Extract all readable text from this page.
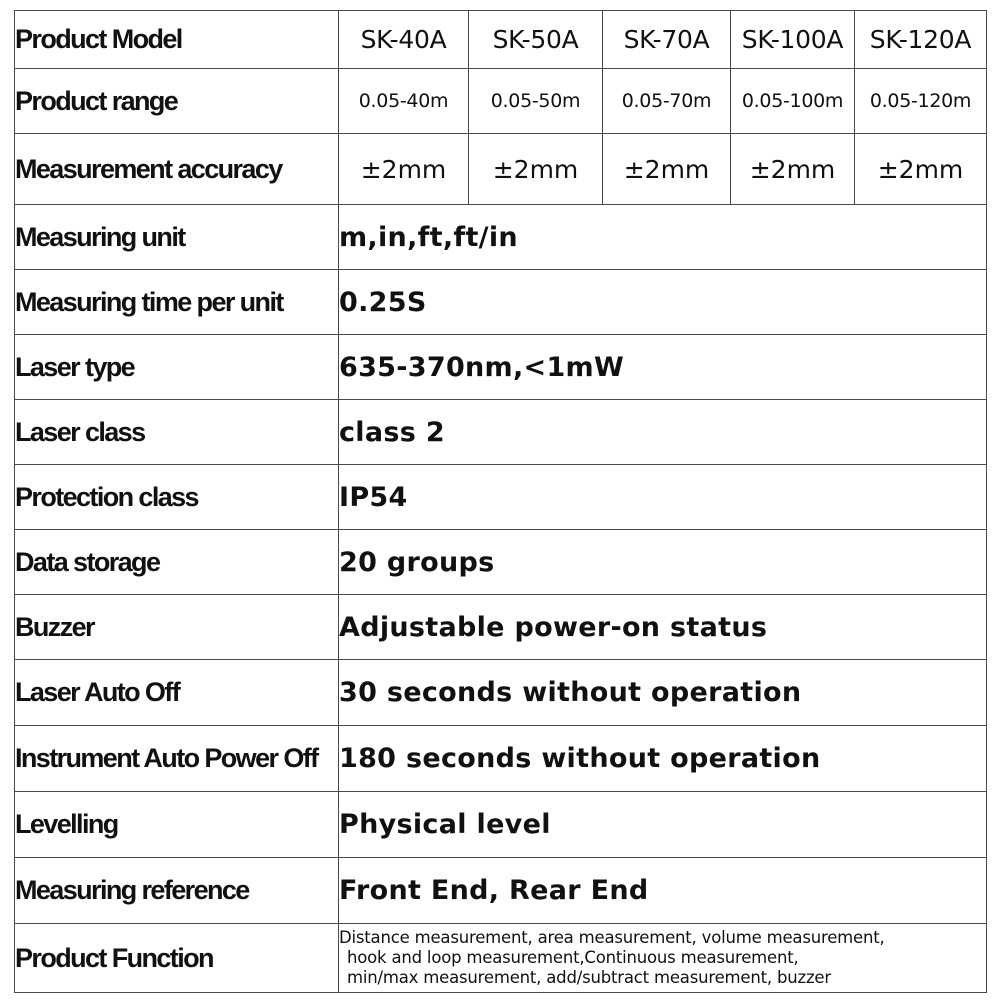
Product Model	SK-40A	SK-50A	SK-70A	SK-100A	SK-120A
Product range	0.05-40m	0.05-50m	0.05-70m	0.05-100m	0.05-120m
Measurement accuracy	±2mm	±2mm	±2mm	±2mm	±2mm
Measuring unit	m,in,ft,ft/in				
Measuring time per unit	0.25S				
Laser type	635-370nm,<1mW				
Laser class	class 2				
Protection class	IP54				
Data storage	20 groups				
Buzzer	Adjustable power-on status				
Laser Auto Off	30 seconds without operation				
Instrument Auto Power Off	180 seconds without operation				
Levelling	Physical level				
Measuring reference	Front End, Rear End				
Product Function	Distance measurement, area measurement, volume measurement,
hook and loop measurement,Continuous measurement,
min/max measurement, add/subtract measurement, buzzer				
